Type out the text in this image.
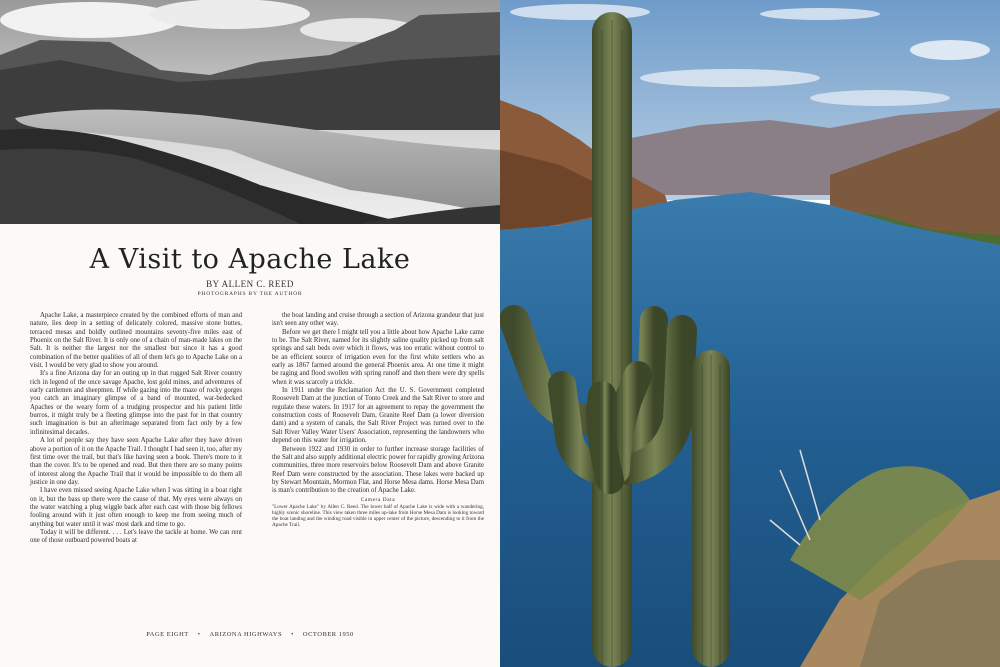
A Visit to Apache Lake
BY ALLEN C. REED
PHOTOGRAPHS BY THE AUTHOR

Apache Lake, a masterpiece created by the combined efforts of man and nature, lies deep in a setting of delicately colored, massive stone buttes, terraced mesas and boldly outlined mountains seventy-five miles east of Phoenix on the Salt River. It is only one of a chain of man-made lakes on the Salt. It is neither the largest nor the smallest but since it has a good combination of the better qualities of all of them let's go to Apache Lake on a visit. I would be very glad to show you around.

It's a fine Arizona day for an outing up in that rugged Salt River country rich in legend of the once savage Apache, lost gold mines, and adventures of early cattlemen and sheepmen. If while gazing into the maze of rocky gorges you catch an imaginary glimpse of a band of mounted, war-bedecked Apaches or the weary form of a trudging prospector and his patient little burros, it might truly be a fleeting glimpse into the past for in that country such imagination is but an afterimage separated from fact only by a few infinitesimal decades.

A lot of people say they have seen Apache Lake after they have driven above a portion of it on the Apache Trail. I thought I had seen it, too, after my first time over the trail, but that's like having seen a book. There's more to it than the cover. It's to be opened and read. But then there are so many points of interest along the Apache Trail that it would be impossible to do them all justice in one day.

I have even missed seeing Apache Lake when I was sitting in a boat right on it, but the bass up there were the cause of that. My eyes were always on the water watching a plug wiggle back after each cast with those big fellows fooling around with it just often enough to keep me from seeing much of anything but water until it was' most dark and time to go.

Today it will be different. . . . Let's leave the tackle at home. We can rent one of those outboard powered boats at

the boat landing and cruise through a section of Arizona grandeur that just isn't seen any other way.

Before we get there I might tell you a little about how Apache Lake came to be. The Salt River, named for its slightly saline quality picked up from salt springs and salt beds over which it flows, was too erratic without control to be an efficient source of irrigation even for the first white settlers who as early as 1867 farmed around the general Phoenix area. At one time it might be raging and flood swollen with spring runoff and then there were dry spells when it was scarcely a trickle.

In 1911 under the Reclamation Act the U. S. Government completed Roosevelt Dam at the junction of Tonto Creek and the Salt River to store and regulate these waters. In 1917 for an agreement to repay the government the construction costs of Roosevelt Dam, Granite Reef Dam (a lower diversion dam) and a system of canals, the Salt River Project was turned over to the Salt River Valley Water Users' Association, representing the landowners who depend on this water for irrigation.

Between 1922 and 1930 in order to further increase storage facilities of the Salt and also supply additional electric power for rapidly growing Arizona communities, three more reservoirs below Roosevelt Dam and above Granite Reef Dam were constructed by the association. These lakes were backed up by Stewart Mountain, Mormon Flat, and Horse Mesa dams. Horse Mesa Dam is man's contribution to the creation of Apache Lake.

Camera Data

"Lower Apache Lake" by Allen C. Reed. The lower half of Apache Lake is wide with a wandering, highly scenic shoreline. This view taken three miles up-lake from Horse Mesa Dam is looking toward the boat landing and the winding road visible in upper center of the picture, descending to it from the Apache Trail.

PAGE EIGHT • ARIZONA HIGHWAYS • OCTOBER 1950
